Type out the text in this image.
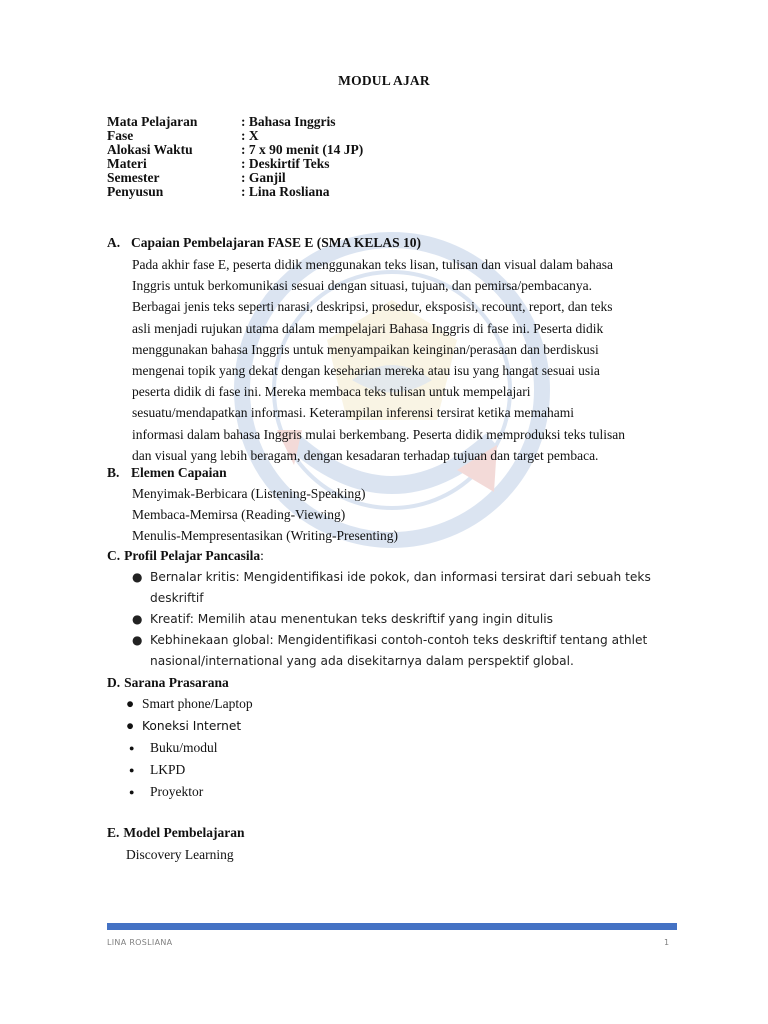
MODUL AJAR
Mata Pelajaran	: Bahasa Inggris
Fase	: X
Alokasi Waktu	: 7 x 90 menit (14 JP)
Materi	: Deskirtif Teks
Semester	: Ganjil
Penyusun	: Lina Rosliana
A. Capaian Pembelajaran FASE E (SMA KELAS 10)
Pada akhir fase E, peserta didik menggunakan teks lisan, tulisan dan visual dalam bahasa
Inggris untuk berkomunikasi sesuai dengan situasi, tujuan, dan pemirsa/pembacanya.
Berbagai jenis teks seperti narasi, deskripsi, prosedur, eksposisi, recount, report, dan teks
asli menjadi rujukan utama dalam mempelajari Bahasa Inggris di fase ini. Peserta didik
menggunakan bahasa Inggris untuk menyampaikan keinginan/perasaan dan berdiskusi
mengenai topik yang dekat dengan keseharian mereka atau isu yang hangat sesuai usia
peserta didik di fase ini. Mereka membaca teks tulisan untuk mempelajari
sesuatu/mendapatkan informasi. Keterampilan inferensi tersirat ketika memahami
informasi dalam bahasa Inggris mulai berkembang. Peserta didik memproduksi teks tulisan
dan visual yang lebih beragam, dengan kesadaran terhadap tujuan dan target pembaca.
B. Elemen Capaian
Menyimak-Berbicara (Listening-Speaking)
Membaca-Memirsa (Reading-Viewing)
Menulis-Mempresentasikan (Writing-Presenting)
C. Profil Pelajar Pancasila :
● Bernalar kritis: Mengidentifikasi ide pokok, dan informasi tersirat dari sebuah teks
deskriftif
● Kreatif: Memilih atau menentukan teks deskriftif yang ingin ditulis
● Kebhinekaan global: Mengidentifikasi contoh-contoh teks deskriftif tentang athlet
nasional/international yang ada disekitarnya dalam perspektif global.
D. Sarana Prasarana
● Smart phone/Laptop
● Koneksi Internet
●	Buku/modul
●	LKPD
●	Proyektor
E. Model Pembelajaran
Discovery Learning
LINA ROSLIANA	1
